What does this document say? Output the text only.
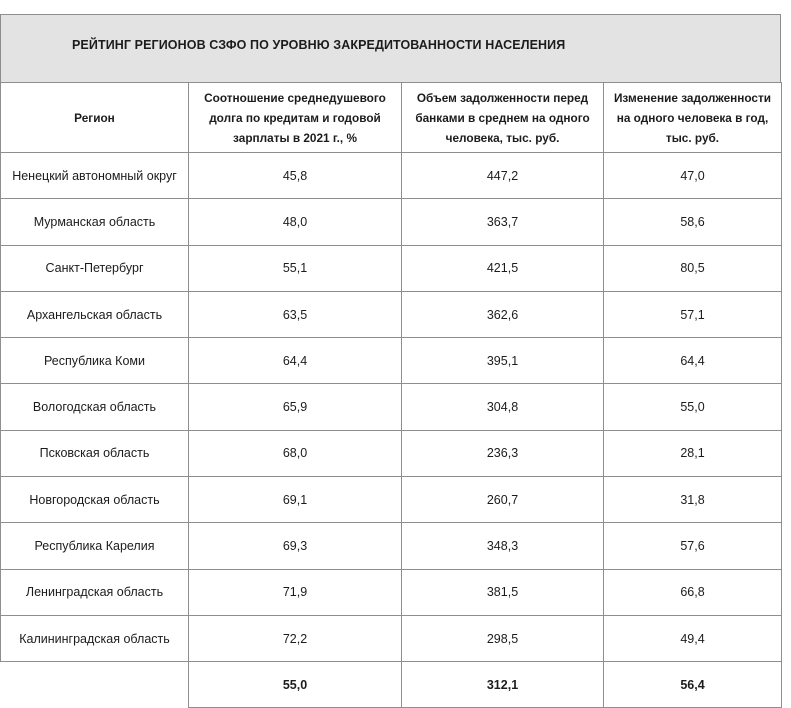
РЕЙТИНГ РЕГИОНОВ СЗФО ПО УРОВНЮ ЗАКРЕДИТОВАННОСТИ НАСЕЛЕНИЯ
Регион	Соотношение среднедушевого долга по кредитам и годовой зарплаты в 2021 г., %	Объем задолженности перед банками в среднем на одного человека, тыс. руб.	Изменение задолженности на одного человека в год, тыс. руб.
Ненецкий автономный округ	45,8	447,2	47,0
Мурманская область	48,0	363,7	58,6
Санкт-Петербург	55,1	421,5	80,5
Архангельская область	63,5	362,6	57,1
Республика Коми	64,4	395,1	64,4
Вологодская область	65,9	304,8	55,0
Псковская область	68,0	236,3	28,1
Новгородская область	69,1	260,7	31,8
Республика Карелия	69,3	348,3	57,6
Ленинградская область	71,9	381,5	66,8
Калининградская область	72,2	298,5	49,4
	55,0	312,1	56,4
